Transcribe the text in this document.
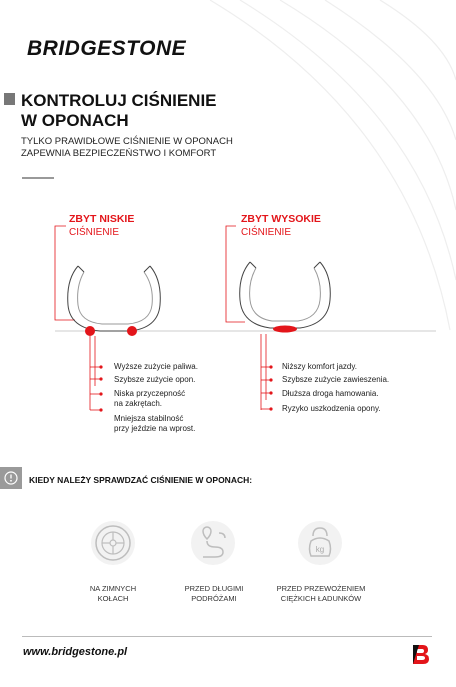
BRIDGESTONE
KONTROLUJ CIŚNIENIE
W OPONACH
TYLKO PRAWIDŁOWE CIŚNIENIE W OPONACH
ZAPEWNIA BEZPIECZEŃSTWO I KOMFORT
ZBYT NISKIE
CIŚNIENIE
ZBYT WYSOKIE
CIŚNIENIE
Wyższe zużycie paliwa.
Szybsze zużycie opon.
Niska przyczepność
na zakrętach.
Mniejsza stabilność
przy jeździe na wprost.
Niższy komfort jazdy.
Szybsze zużycie zawieszenia.
Dłuższa droga hamowania.
Ryzyko uszkodzenia opony.
KIEDY NALEŻY SPRAWDZAĆ CIŚNIENIE W OPONACH:
kg
NA ZIMNYCH
KOŁACH
PRZED DŁUGIMI
PODRÓŻAMI
PRZED PRZEWOŻENIEM
CIĘŻKICH ŁADUNKÓW
www.bridgestone.pl
